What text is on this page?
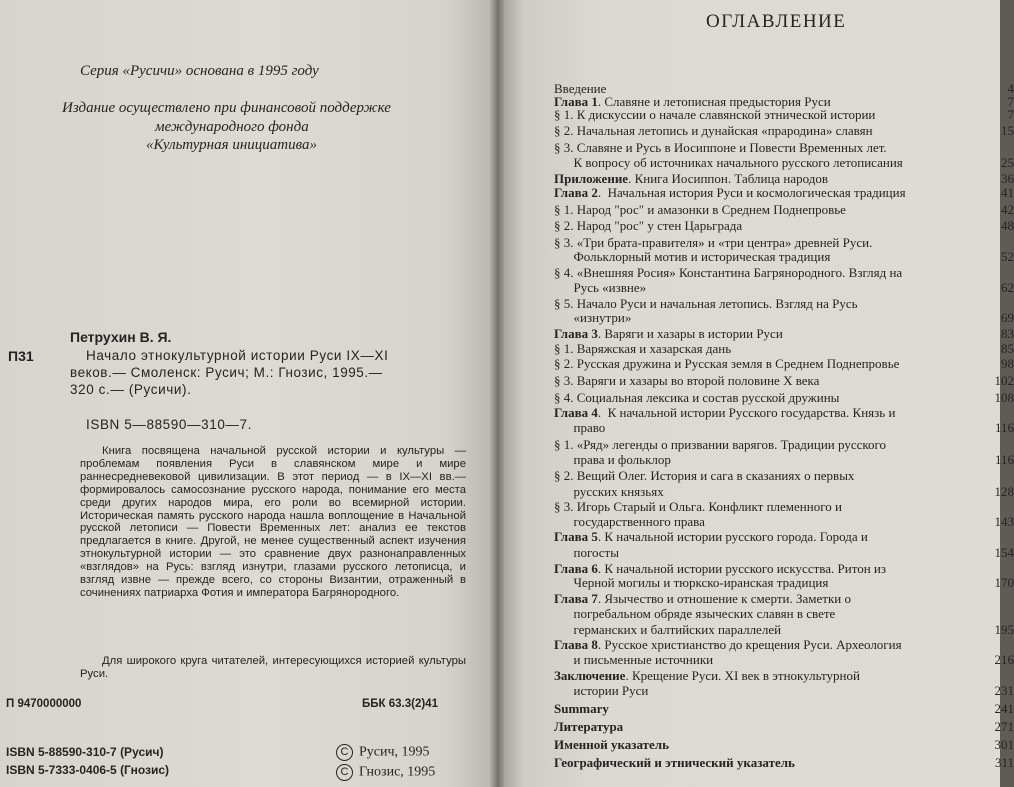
Серия «Русичи» основана в 1995 году
Издание осуществлено при финансовой поддержке
международного фонда
«Культурная инициатива»
Петрухин В. Я.
П31	Начало этнокультурной истории Руси IX—XI
веков.— Смоленск: Русич; М.: Гнозис, 1995.—
320 с.— (Русичи).
ISBN 5—88590—310—7.
Книга посвящена начальной русской истории и культуры — проблемам появления Руси в славянском мире и мире раннесредневековой цивилизации. В этот период — в IX—XI вв.— формировалось самосознание русского народа, понимание его места среди других народов мира, его роли во всемирной истории. Историческая память русского народа нашла воплощение в Начальной русской летописи — Повести Временных лет: анализ ее текстов предлагается в книге. Другой, не менее существенный аспект изучения этнокультурной истории — это сравнение двух разнонаправленных «взглядов» на Русь: взгляд изнутри, глазами русского летописца, и взгляд извне — прежде всего, со стороны Византии, отраженный в сочинениях патриарха Фотия и императора Багрянородного.
Для широкого круга читателей, интересующихся историей культуры Руси.
П 9470000000	ББК 63.3(2)41
ISBN 5-88590-310-7 (Русич)
ISBN 5-7333-0406-5 (Гнозис)
C Русич, 1995
C Гнозис, 1995
ОГЛАВЛЕНИЕ
Введение	4
Глава 1. Славяне и летописная предыстория Руси	7
§ 1. К дискуссии о начале славянской этнической истории	7
§ 2. Начальная летопись и дунайская «прародина» славян	15
§ 3. Славяне и Русь в Иосиппоне и Повести Временных лет.
К вопросу об источниках начального русского летописания	25
Приложение. Книга Иосиппон. Таблица народов	36
Глава 2.  Начальная история Руси и космологическая традиция	41
§ 1. Народ "рос" и амазонки в Среднем Поднепровье	42
§ 2. Народ "рос" у стен Царьграда	48
§ 3. «Три брата-правителя» и «три центра» древней Руси.
Фольклорный мотив и историческая традиция	52
§ 4. «Внешняя Росия» Константина Багрянородного. Взгляд на
Русь «извне»	62
§ 5. Начало Руси и начальная летопись. Взгляд на Русь
«изнутри»	69
Глава 3. Варяги и хазары в истории Руси	83
§ 1. Варяжская и хазарская дань	85
§ 2. Русская дружина и Русская земля в Среднем Поднепровье	98
§ 3. Варяги и хазары во второй половине X века	102
§ 4. Социальная лексика и состав русской дружины	108
Глава 4.  К начальной истории Русского государства. Князь и
право	116
§ 1. «Ряд» легенды о призвании варягов. Традиции русского
права и фольклор	116
§ 2. Вещий Олег. История и сага в сказаниях о первых
русских князьях	128
§ 3. Игорь Старый и Ольга. Конфликт племенного и
государственного права	143
Глава 5. К начальной истории русского города. Города и
погосты	154
Глава 6. К начальной истории русского искусства. Ритон из
Черной могилы и тюркско-иранская традиция	170
Глава 7. Язычество и отношение к смерти. Заметки о
погребальном обряде языческих славян в свете
германских и балтийских параллелей	195
Глава 8. Русское христианство до крещения Руси. Археология
и письменные источники	216
Заключение. Крещение Руси. XI век в этнокультурной
истории Руси	231
Summary	241
Литература	271
Именной указатель	301
Географический и этнический указатель	311
